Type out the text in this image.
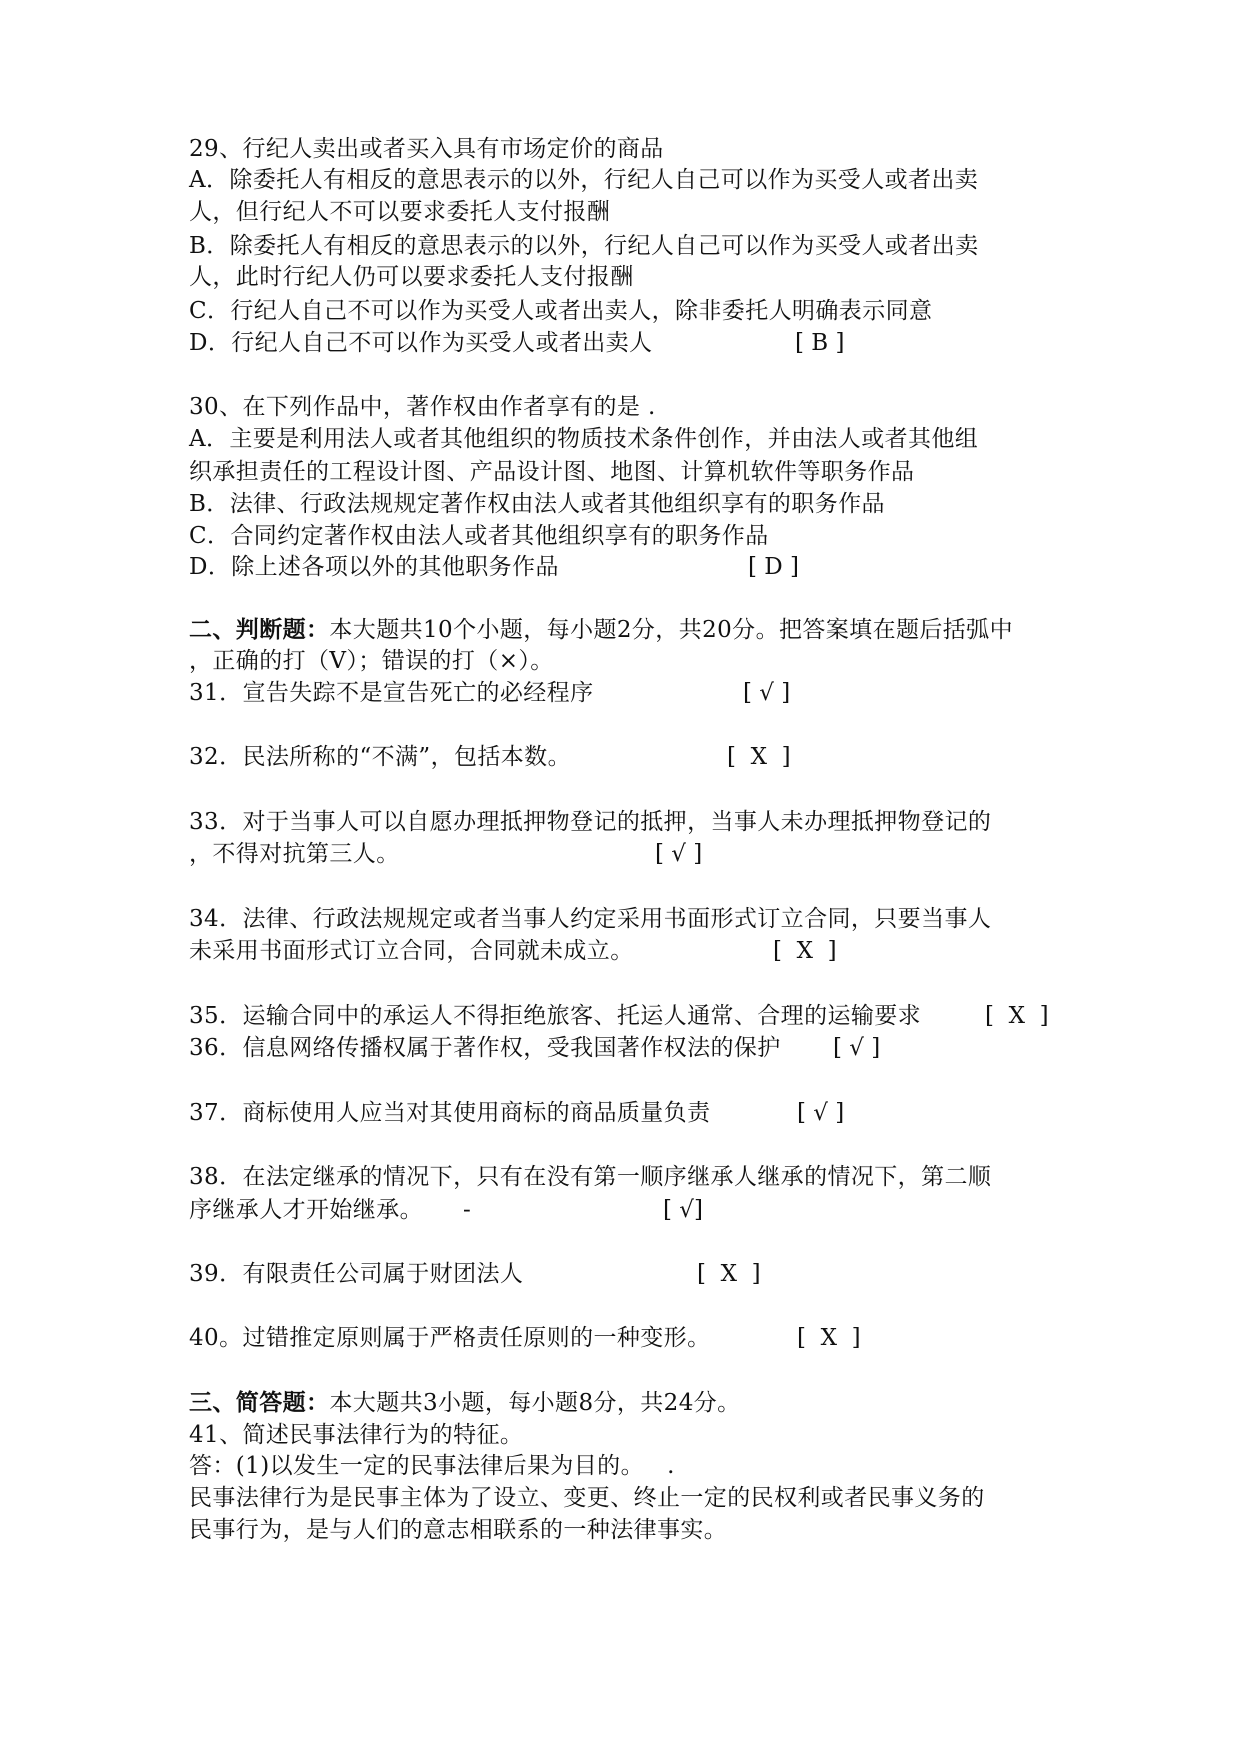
29、行纪人卖出或者买入具有市场定价的商品
A．除委托人有相反的意思表示的以外，行纪人自己可以作为买受人或者出卖
人，但行纪人不可以要求委托人支付报酬
B．除委托人有相反的意思表示的以外，行纪人自己可以作为买受人或者出卖
人，此时行纪人仍可以要求委托人支付报酬
C．行纪人自己不可以作为买受人或者出卖人，除非委托人明确表示同意
D．行纪人自己不可以作为买受人或者出卖人	[ B ]
30、在下列作品中，著作权由作者享有的是 .
A．主要是利用法人或者其他组织的物质技术条件创作，并由法人或者其他组
织承担责任的工程设计图、产品设计图、地图、计算机软件等职务作品
B．法律、行政法规规定著作权由法人或者其他组织享有的职务作品
C．合同约定著作权由法人或者其他组织享有的职务作品
D．除上述各项以外的其他职务作品	[ D ]
二、判断题：本大题共10个小题，每小题2分，共20分。把答案填在题后括弧中
，正确的打（V）；错误的打（×）。
31．宣告失踪不是宣告死亡的必经程序	[ √ ]
32．民法所称的“不满”，包括本数。	[  X  ]
33．对于当事人可以自愿办理抵押物登记的抵押，当事人未办理抵押物登记的
，不得对抗第三人。	[ √ ]
34．法律、行政法规规定或者当事人约定采用书面形式订立合同，只要当事人
未采用书面形式订立合同，合同就未成立。	[  X  ]
35．运输合同中的承运人不得拒绝旅客、托运人通常、合理的运输要求	[  X  ]
36．信息网络传播权属于著作权，受我国著作权法的保护 [ √ ]
37．商标使用人应当对其使用商标的商品质量负责	[ √ ]
38．在法定继承的情况下，只有在没有第一顺序继承人继承的情况下，第二顺
序继承人才开始继承。 -	[ √]
39．有限责任公司属于财团法人	[  X  ]
40。过错推定原则属于严格责任原则的一种变形。	[  X  ]
三、简答题：本大题共3小题，每小题8分，共24分。
41、简述民事法律行为的特征。
答：(1)以发生一定的民事法律后果为目的。   .
民事法律行为是民事主体为了设立、变更、终止一定的民权利或者民事义务的
民事行为，是与人们的意志相联系的一种法律事实。
